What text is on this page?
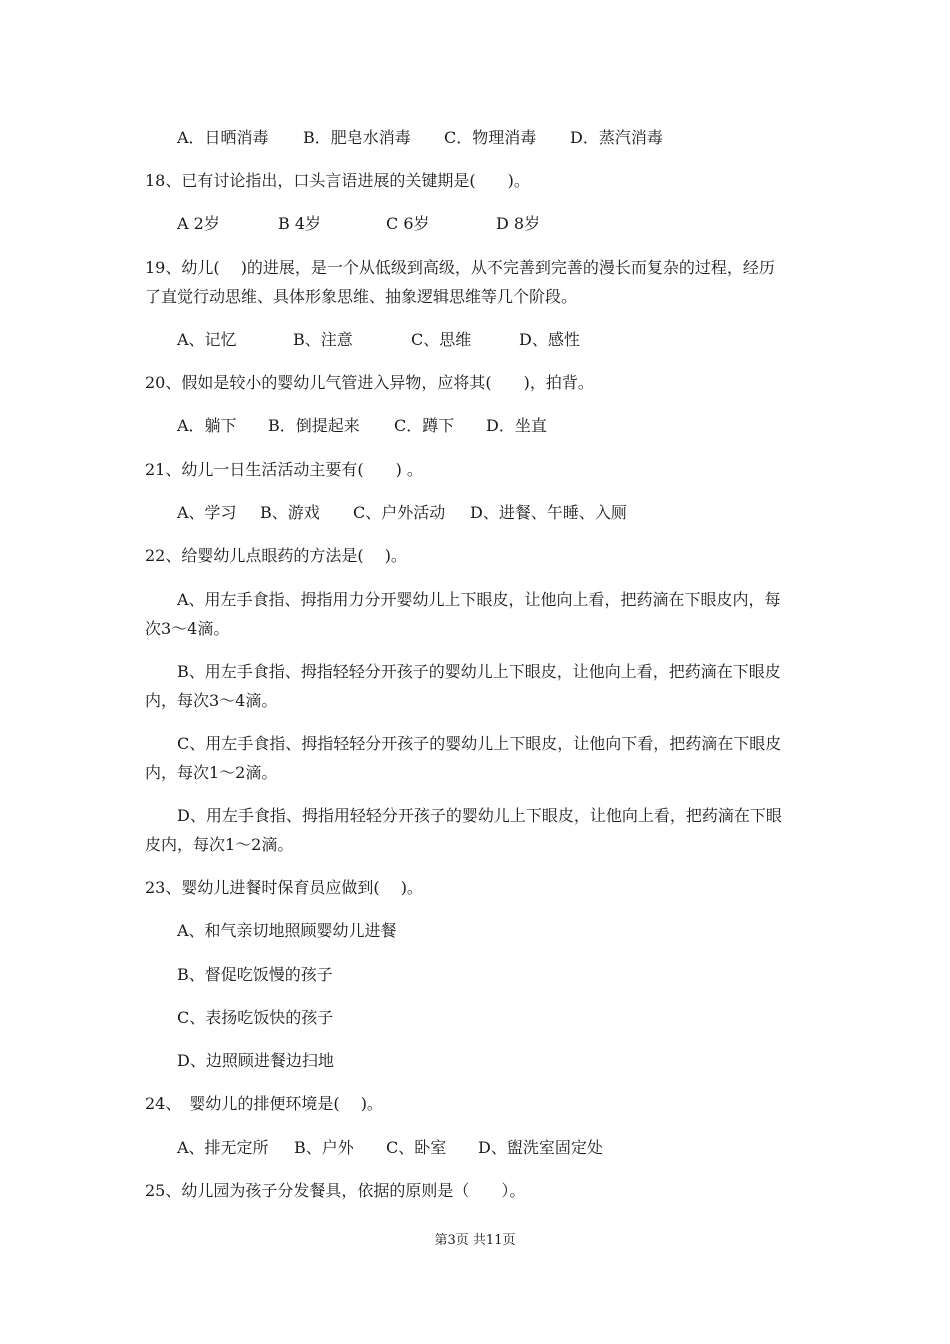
A．日晒消毒 B．肥皂水消毒 C．物理消毒 D．蒸汽消毒
18、已有讨论指出，口头言语进展的关键期是(　　)。
A 2岁	B 4岁	C 6岁	D 8岁
19、幼儿(　 )的进展，是一个从低级到高级，从不完善到完善的漫长而复杂的过程，经历
了直觉行动思维、具体形象思维、抽象逻辑思维等几个阶段。
A、记忆	B、注意	C、思维	D、感性
20、假如是较小的婴幼儿气管进入异物，应将其(　　)，拍背。
A．躺下 B．倒提起来 C．蹲下 D．坐直
21、幼儿一日生活活动主要有(　　) 。
A、学习 B、游戏 C、户外活动 D、进餐、午睡、入厕
22、给婴幼儿点眼药的方法是(　 )。
A、用左手食指、拇指用力分开婴幼儿上下眼皮，让他向上看，把药滴在下眼皮内，每
次3～4滴。
B、用左手食指、拇指轻轻分开孩子的婴幼儿上下眼皮，让他向上看，把药滴在下眼皮
内，每次3～4滴。
C、用左手食指、拇指轻轻分开孩子的婴幼儿上下眼皮，让他向下看，把药滴在下眼皮
内，每次1～2滴。
D、用左手食指、拇指用轻轻分开孩子的婴幼儿上下眼皮，让他向上看，把药滴在下眼
皮内，每次1～2滴。
23、婴幼儿进餐时保育员应做到(　 )。
A、和气亲切地照顾婴幼儿进餐
B、督促吃饭慢的孩子
C、表扬吃饭快的孩子
D、边照顾进餐边扫地
24、　婴幼儿的排便环境是(　 )。
A、排无定所 B、户外 C、卧室 D、盥洗室固定处
25、幼儿园为孩子分发餐具，依据的原则是（　　）。
第3页 共11页
